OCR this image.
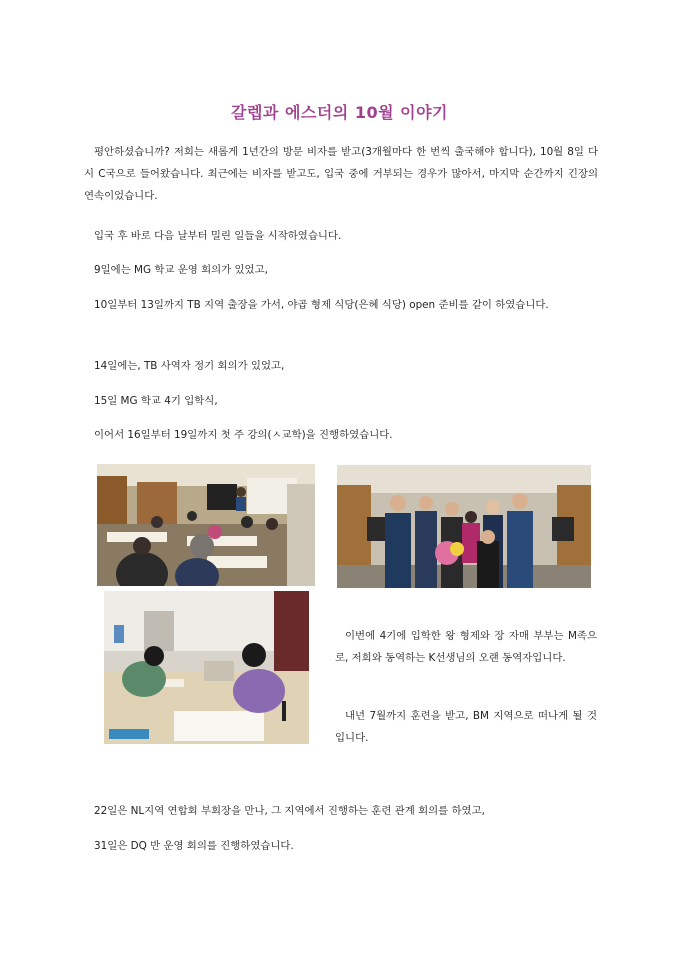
갈렙과 에스더의 10월 이야기

평안하셨습니까? 저희는 새롭게 1년간의 방문 비자를 받고(3개월마다 한 번씩 출국해야 합니다), 10월 8일 다시 C국으로 들어왔습니다. 최근에는 비자를 받고도, 입국 중에 거부되는 경우가 많아서, 마지막 순간까지 긴장의 연속이었습니다.

입국 후 바로 다음 날부터 밀린 일들을 시작하였습니다.

9일에는 MG 학교 운영 회의가 있었고,

10일부터 13일까지 TB 지역 출장을 가서, 야곱 형제 식당(은혜 식당) open 준비를 같이 하였습니다.

14일에는, TB 사역자 정기 회의가 있었고,

15일 MG 학교 4기 입학식,

이어서 16일부터 19일까지 첫 주 강의(ㅅ교학)을 진행하였습니다.

이번에 4기에 입학한 왕 형제와 장 자매 부부는 M족으로, 저희와 동역하는 K선생님의 오랜 동역자입니다.

내년 7월까지 훈련을 받고, BM 지역으로 떠나게 될 것입니다.

22일은 NL지역 연합회 부회장을 만나, 그 지역에서 진행하는 훈련 관계 회의를 하였고,

31일은 DQ 반 운영 회의를 진행하였습니다.
